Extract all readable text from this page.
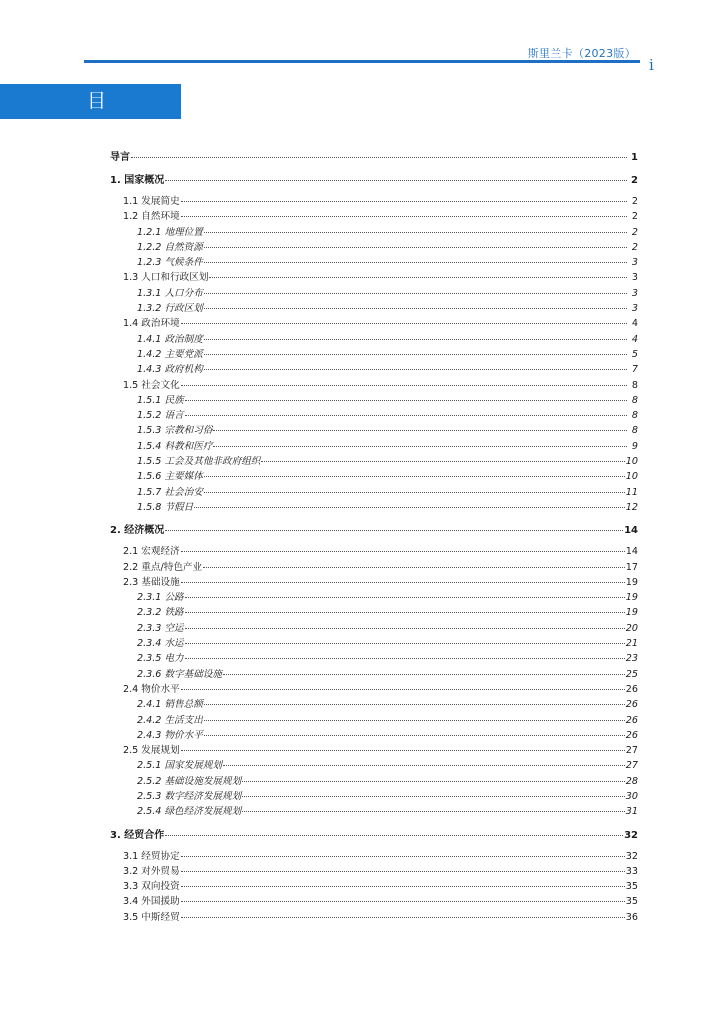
斯里兰卡（2023版）
i
目 录
导言	1
1. 国家概况	2
1.1 发展简史	2
1.2 自然环境	2
1.2.1 地理位置	2
1.2.2 自然资源	2
1.2.3 气候条件	3
1.3 人口和行政区划	3
1.3.1 人口分布	3
1.3.2 行政区划	3
1.4 政治环境	4
1.4.1 政治制度	4
1.4.2 主要党派	5
1.4.3 政府机构	7
1.5 社会文化	8
1.5.1 民族	8
1.5.2 语言	8
1.5.3 宗教和习俗	8
1.5.4 科教和医疗	9
1.5.5 工会及其他非政府组织	10
1.5.6 主要媒体	10
1.5.7 社会治安	11
1.5.8 节假日	12
2. 经济概况	14
2.1 宏观经济	14
2.2 重点/特色产业	17
2.3 基础设施	19
2.3.1 公路	19
2.3.2 铁路	19
2.3.3 空运	20
2.3.4 水运	21
2.3.5 电力	23
2.3.6 数字基础设施	25
2.4 物价水平	26
2.4.1 销售总额	26
2.4.2 生活支出	26
2.4.3 物价水平	26
2.5 发展规划	27
2.5.1 国家发展规划	27
2.5.2 基础设施发展规划	28
2.5.3 数字经济发展规划	30
2.5.4 绿色经济发展规划	31
3. 经贸合作	32
3.1 经贸协定	32
3.2 对外贸易	33
3.3 双向投资	35
3.4 外国援助	35
3.5 中斯经贸	36
